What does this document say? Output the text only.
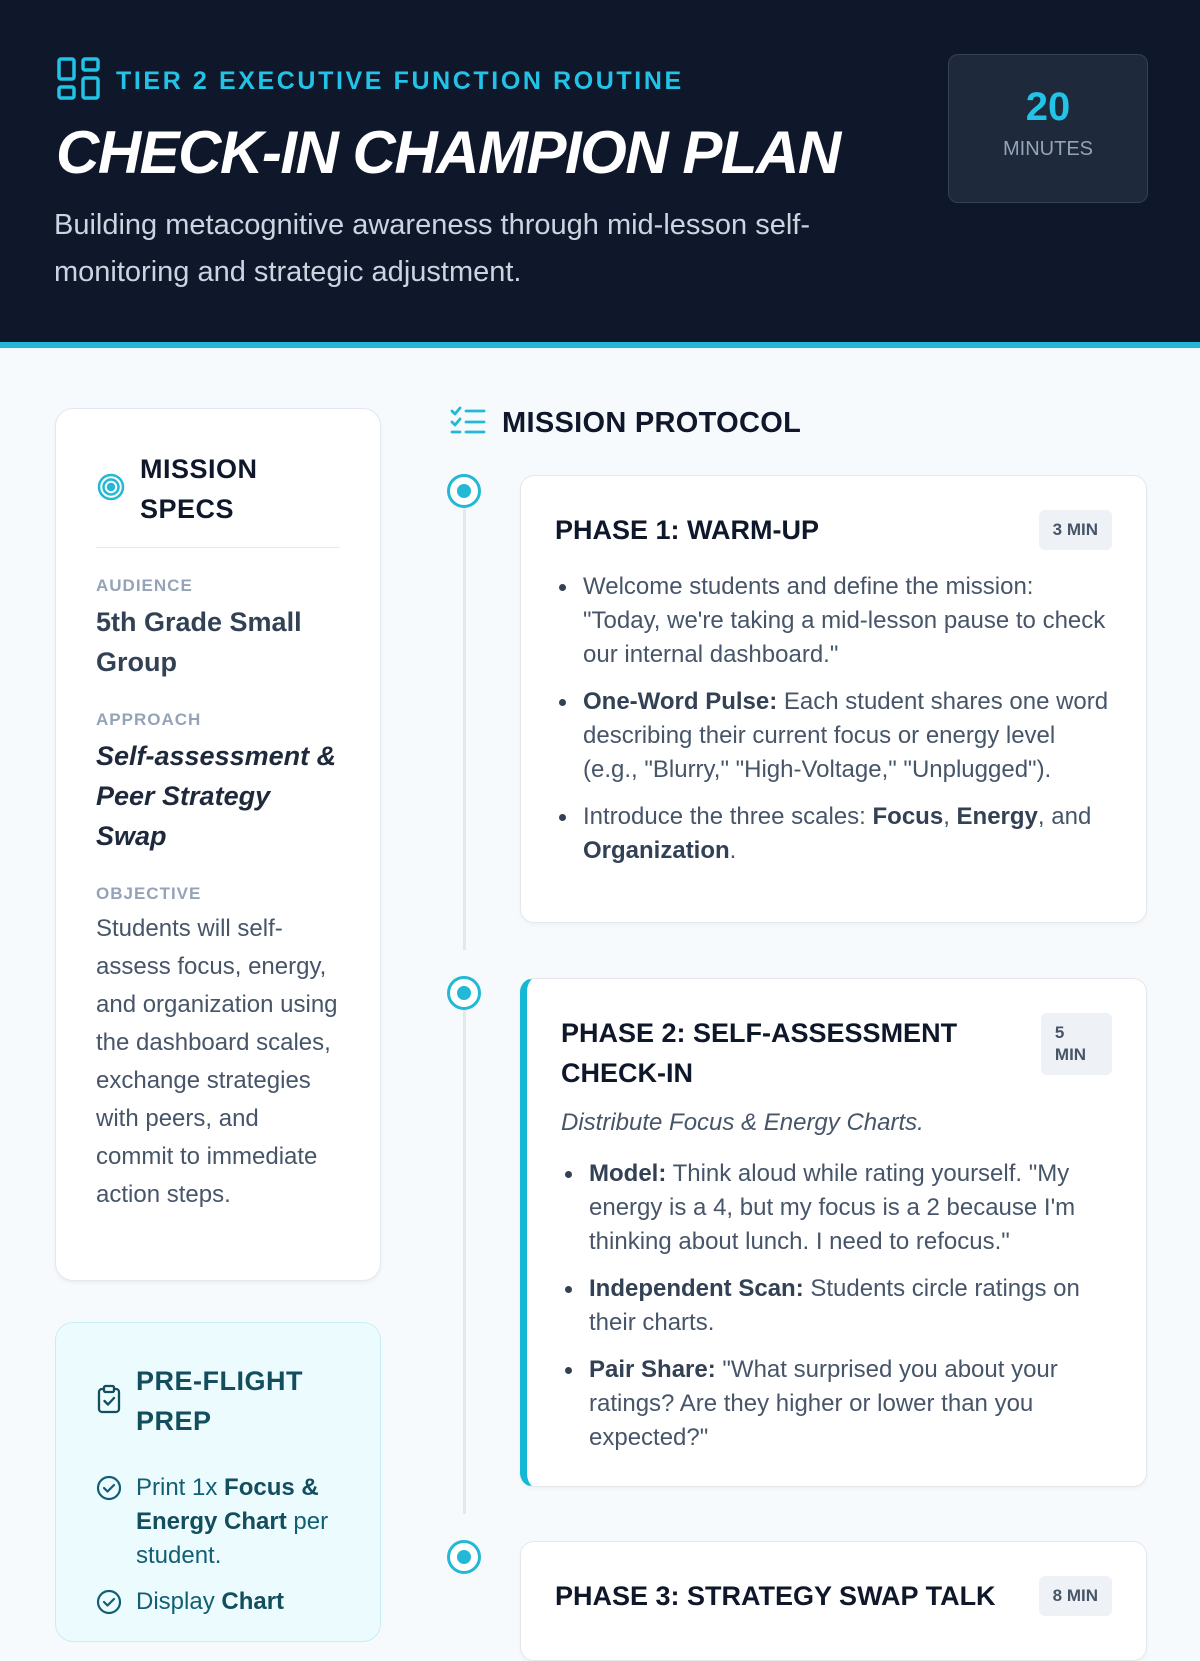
TIER 2 EXECUTIVE FUNCTION ROUTINE
CHECK-IN CHAMPION PLAN
Building metacognitive awareness through mid-lesson self-monitoring and strategic adjustment.
20
MINUTES
MISSION SPECS
AUDIENCE
5th Grade Small Group
APPROACH
Self-assessment & Peer Strategy Swap
OBJECTIVE
Students will self-assess focus, energy, and organization using the dashboard scales, exchange strategies with peers, and commit to immediate action steps.
PRE-FLIGHT PREP
Print 1x Focus & Energy Chart per student.
Display Chart
MISSION PROTOCOL
PHASE 1: WARM-UP	3 MIN
Welcome students and define the mission: "Today, we're taking a mid-lesson pause to check our internal dashboard."
One-Word Pulse: Each student shares one word describing their current focus or energy level (e.g., "Blurry," "High-Voltage," "Unplugged").
Introduce the three scales: Focus, Energy, and Organization.
PHASE 2: SELF-ASSESSMENT CHECK-IN
5 MIN
Distribute Focus & Energy Charts.
Model: Think aloud while rating yourself. "My energy is a 4, but my focus is a 2 because I'm thinking about lunch. I need to refocus."
Independent Scan: Students circle ratings on their charts.
Pair Share: "What surprised you about your ratings? Are they higher or lower than you expected?"
PHASE 3: STRATEGY SWAP TALK	8 MIN
